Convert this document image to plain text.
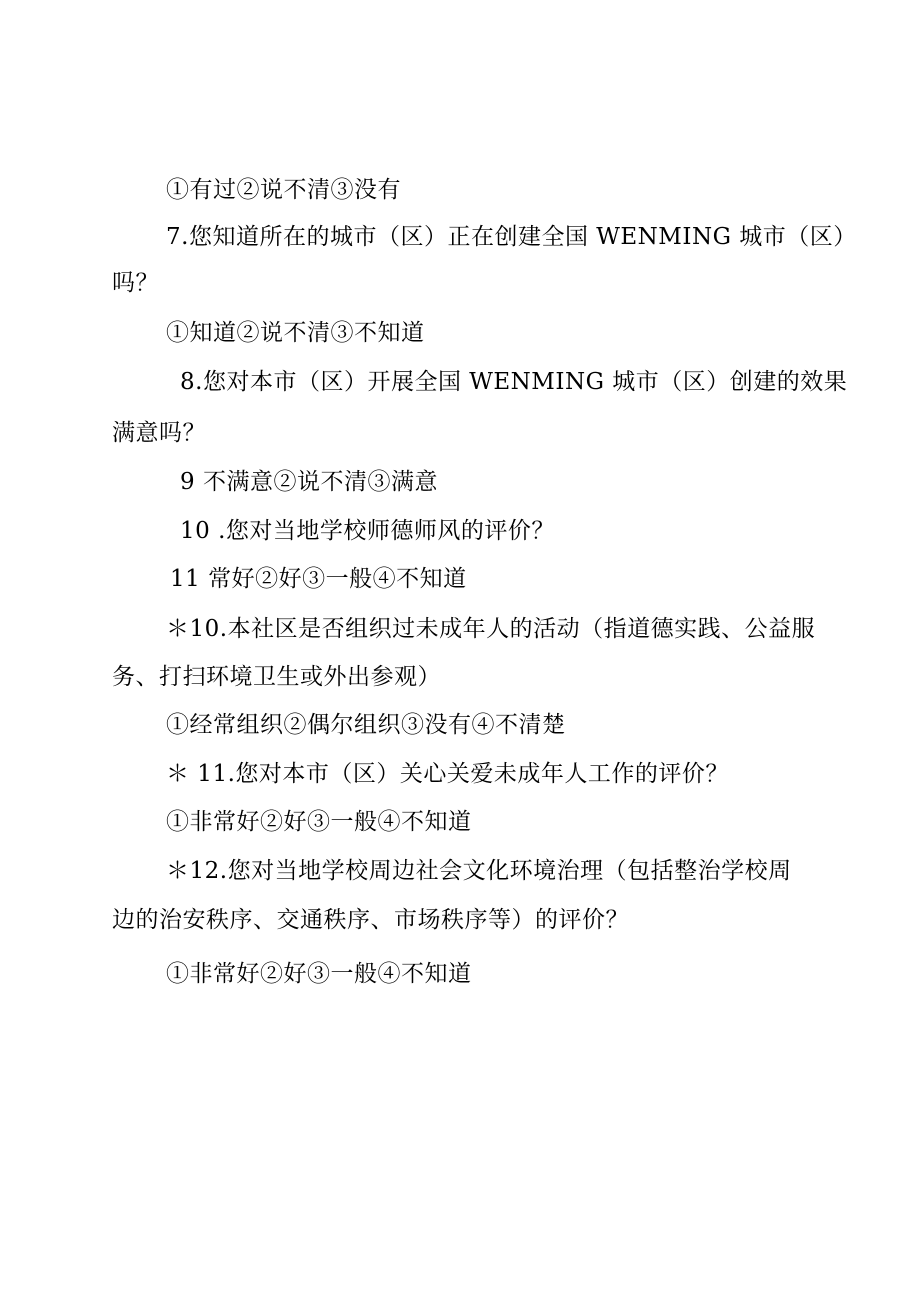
①有过②说不清③没有
7.您知道所在的城市（区）正在创建全国 WENMING 城市（区）
吗？
①知道②说不清③不知道
8.您对本市（区）开展全国 WENMING 城市（区）创建的效果
满意吗？
9 不满意②说不清③满意
10 .您对当地学校师德师风的评价？
11 常好②好③一般④不知道
＊10.本社区是否组织过未成年人的活动（指道德实践、公益服
务、打扫环境卫生或外出参观）
①经常组织②偶尔组织③没有④不清楚
＊ 11.您对本市（区）关心关爱未成年人工作的评价？
①非常好②好③一般④不知道
＊12.您对当地学校周边社会文化环境治理（包括整治学校周
边的治安秩序、交通秩序、市场秩序等）的评价？
①非常好②好③一般④不知道
